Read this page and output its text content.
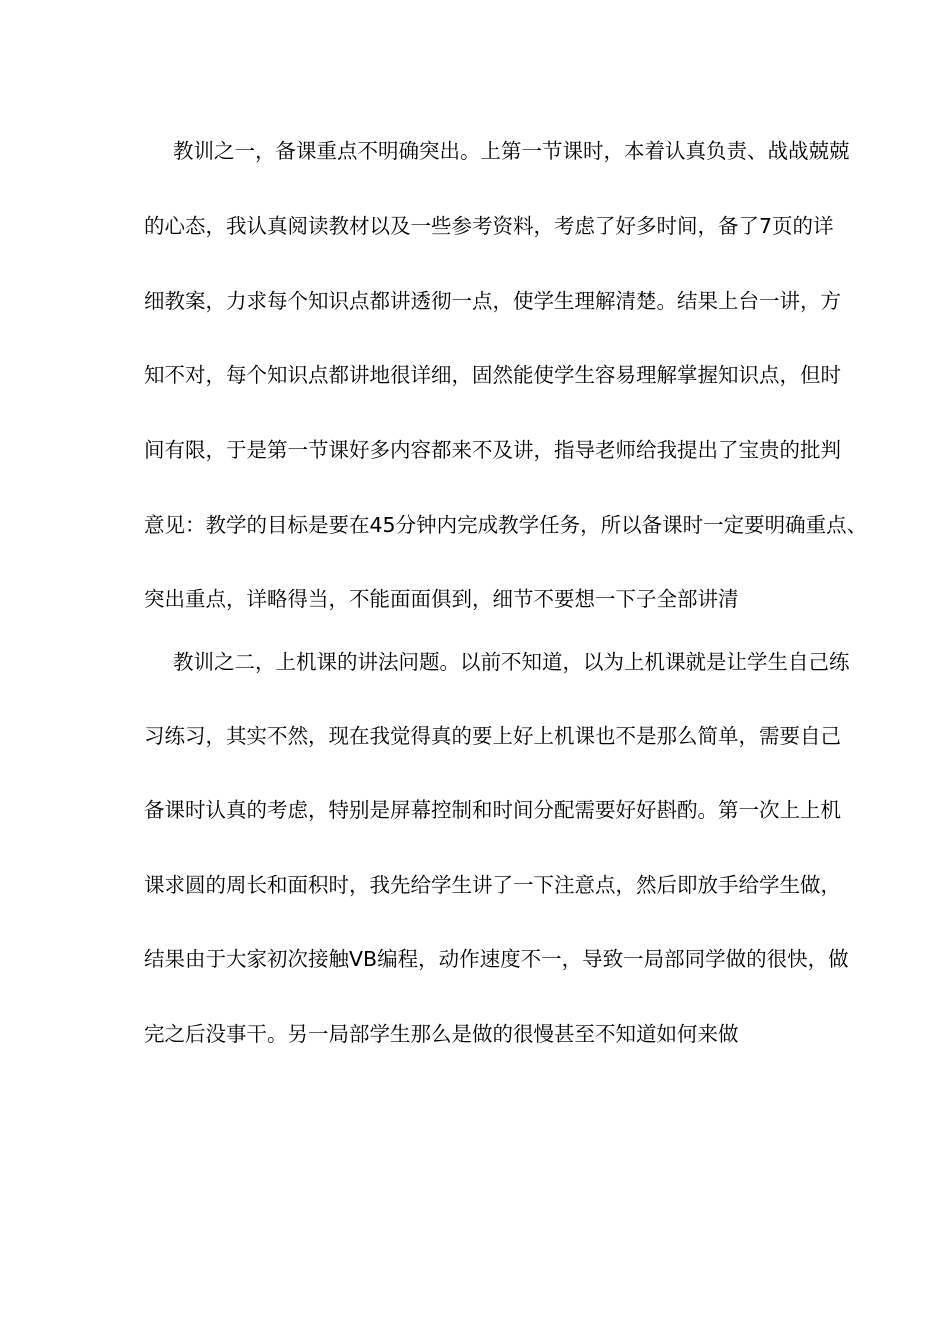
教训之一，备课重点不明确突出。上第一节课时，本着认真负责、战战兢兢
的心态，我认真阅读教材以及一些参考资料，考虑了好多时间，备了7页的详
细教案，力求每个知识点都讲透彻一点，使学生理解清楚。结果上台一讲，方
知不对，每个知识点都讲地很详细，固然能使学生容易理解掌握知识点，但时
间有限，于是第一节课好多内容都来不及讲，指导老师给我提出了宝贵的批判
意见：教学的目标是要在45分钟内完成教学任务，所以备课时一定要明确重点、
突出重点，详略得当，不能面面俱到，细节不要想一下子全部讲清
教训之二，上机课的讲法问题。以前不知道，以为上机课就是让学生自己练
习练习，其实不然，现在我觉得真的要上好上机课也不是那么简单，需要自己
备课时认真的考虑，特别是屏幕控制和时间分配需要好好斟酌。第一次上上机
课求圆的周长和面积时，我先给学生讲了一下注意点，然后即放手给学生做，
结果由于大家初次接触VB编程，动作速度不一，导致一局部同学做的很快，做
完之后没事干。另一局部学生那么是做的很慢甚至不知道如何来做
